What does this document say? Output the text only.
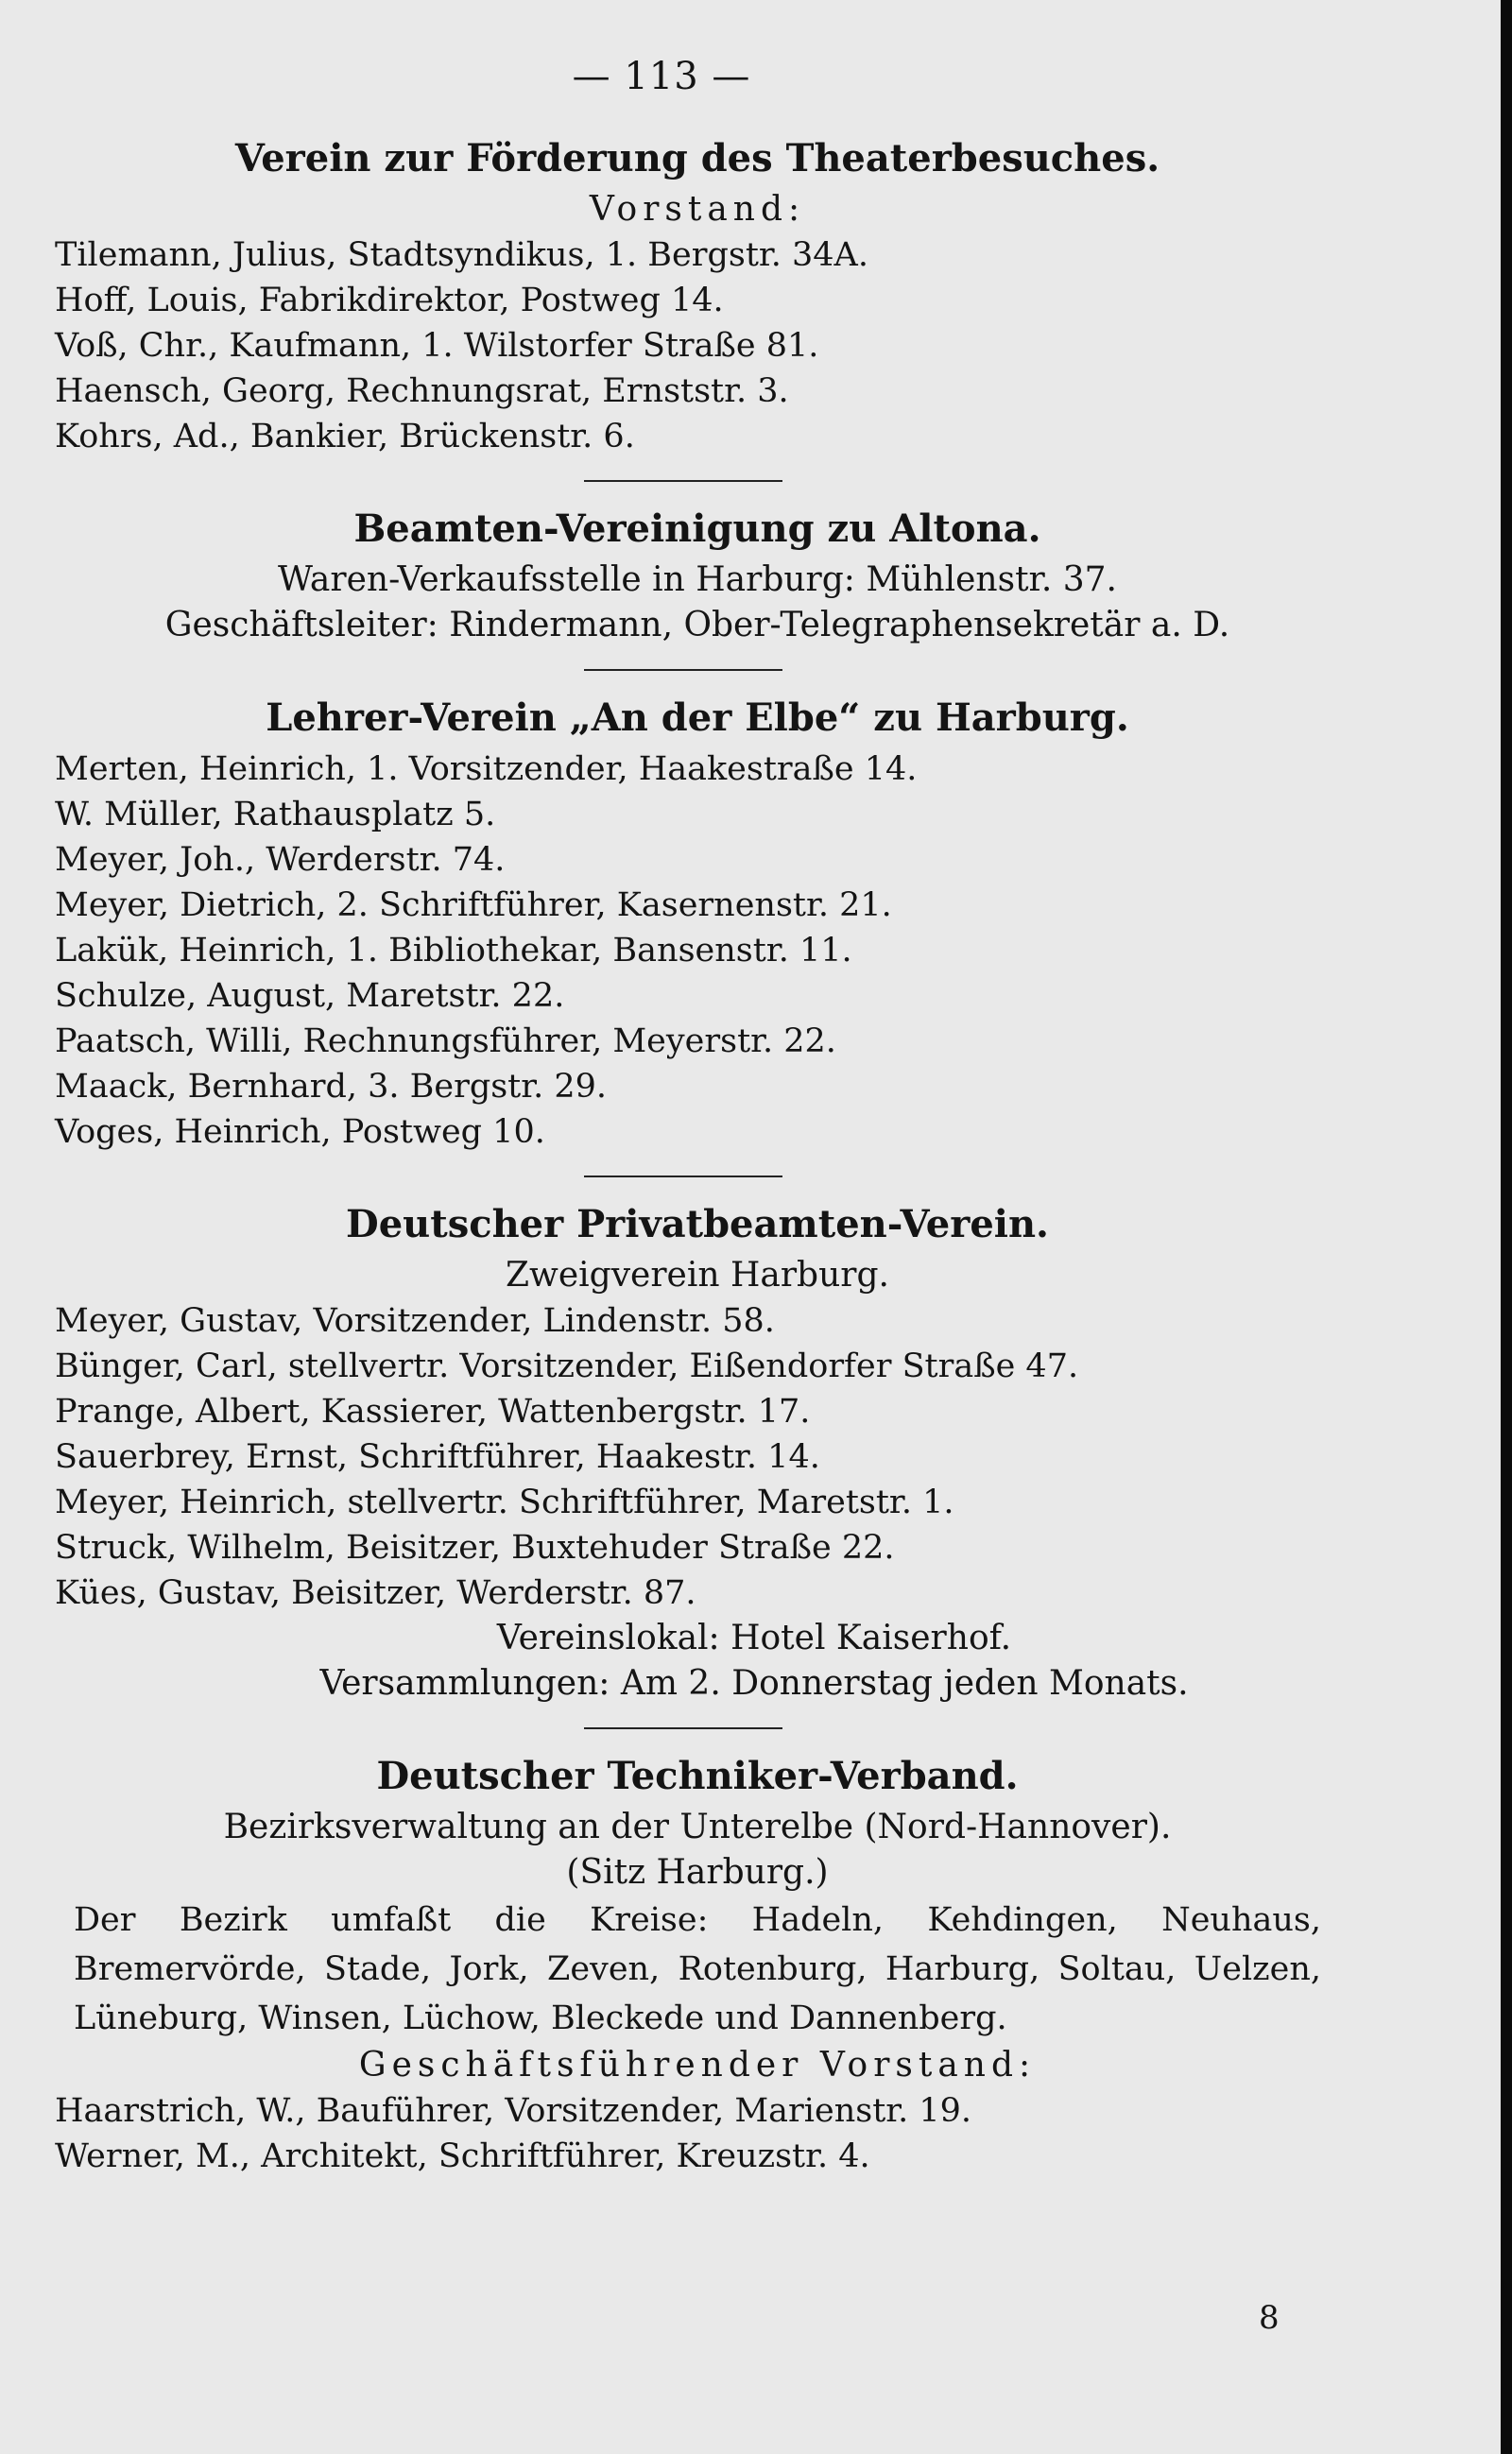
— 113 —

Verein zur Förderung des Theaterbesuches.

Vorstand:

Tilemann, Julius, Stadtsyndikus, 1. Bergstr. 34A.

Hoff, Louis, Fabrikdirektor, Postweg 14.

Voß, Chr., Kaufmann, 1. Wilstorfer Straße 81.

Haensch, Georg, Rechnungsrat, Ernststr. 3.

Kohrs, Ad., Bankier, Brückenstr. 6.

Beamten-Vereinigung zu Altona.

Waren-Verkaufsstelle in Harburg: Mühlenstr. 37.

Geschäftsleiter: Rindermann, Ober-Telegraphensekretär a. D.

Lehrer-Verein „An der Elbe“ zu Harburg.

Merten, Heinrich, 1. Vorsitzender, Haakestraße 14.

W. Müller, Rathausplatz 5.

Meyer, Joh., Werderstr. 74.

Meyer, Dietrich, 2. Schriftführer, Kasernenstr. 21.

Lakük, Heinrich, 1. Bibliothekar, Bansenstr. 11.

Schulze, August, Maretstr. 22.

Paatsch, Willi, Rechnungsführer, Meyerstr. 22.

Maack, Bernhard, 3. Bergstr. 29.

Voges, Heinrich, Postweg 10.

Deutscher Privatbeamten-Verein.

Zweigverein Harburg.

Meyer, Gustav, Vorsitzender, Lindenstr. 58.

Bünger, Carl, stellvertr. Vorsitzender, Eißendorfer Straße 47.

Prange, Albert, Kassierer, Wattenbergstr. 17.

Sauerbrey, Ernst, Schriftführer, Haakestr. 14.

Meyer, Heinrich, stellvertr. Schriftführer, Maretstr. 1.

Struck, Wilhelm, Beisitzer, Buxtehuder Straße 22.

Kües, Gustav, Beisitzer, Werderstr. 87.

Vereinslokal: Hotel Kaiserhof.

Versammlungen: Am 2. Donnerstag jeden Monats.

Deutscher Techniker-Verband.

Bezirksverwaltung an der Unterelbe (Nord-Hannover).

(Sitz Harburg.)

Der Bezirk umfaßt die Kreise: Hadeln, Kehdingen, Neuhaus, Bremervörde, Stade, Jork, Zeven, Rotenburg, Harburg, Soltau, Uelzen, Lüneburg, Winsen, Lüchow, Bleckede und Dannenberg.

Geschäftsführender Vorstand:

Haarstrich, W., Bauführer, Vorsitzender, Marienstr. 19.

Werner, M., Architekt, Schriftführer, Kreuzstr. 4.

8
